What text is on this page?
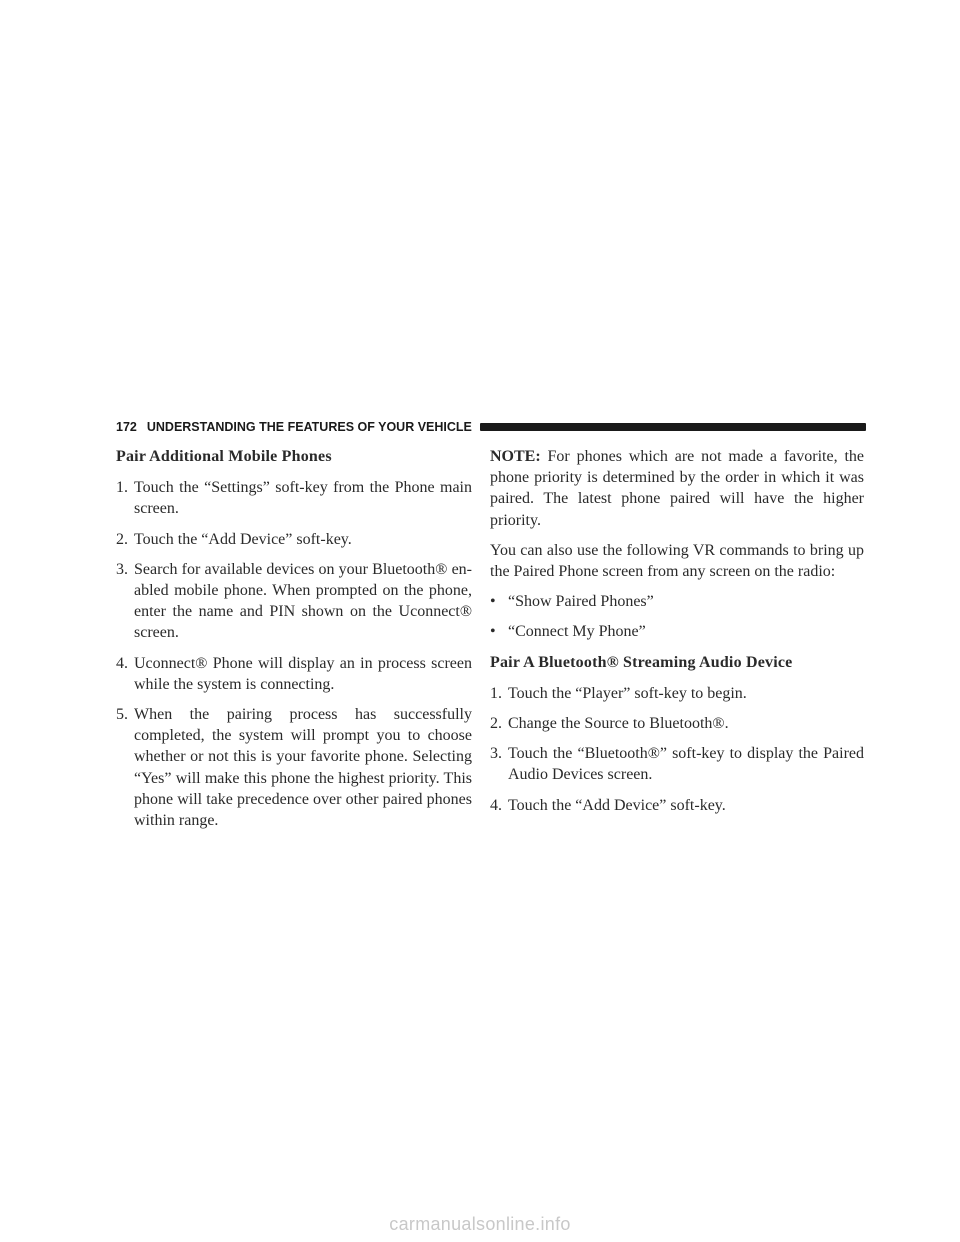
172 UNDERSTANDING THE FEATURES OF YOUR VEHICLE
Pair Additional Mobile Phones
1. Touch the “Settings” soft-key from the Phone main screen.
2. Touch the “Add Device” soft-key.
3. Search for available devices on your Bluetooth® en-abled mobile phone. When prompted on the phone, enter the name and PIN shown on the Uconnect® screen.
4. Uconnect® Phone will display an in process screen while the system is connecting.
5. When the pairing process has successfully completed, the system will prompt you to choose whether or not this is your favorite phone. Selecting “Yes” will make this phone the highest priority. This phone will take precedence over other paired phones within range.

NOTE: For phones which are not made a favorite, the phone priority is determined by the order in which it was paired. The latest phone paired will have the higher priority.

You can also use the following VR commands to bring up the Paired Phone screen from any screen on the radio:

• “Show Paired Phones”
• “Connect My Phone”
Pair A Bluetooth® Streaming Audio Device
1. Touch the “Player” soft-key to begin.
2. Change the Source to Bluetooth®.
3. Touch the “Bluetooth®” soft-key to display the Paired Audio Devices screen.
4. Touch the “Add Device” soft-key.
carmanualsonline.info
